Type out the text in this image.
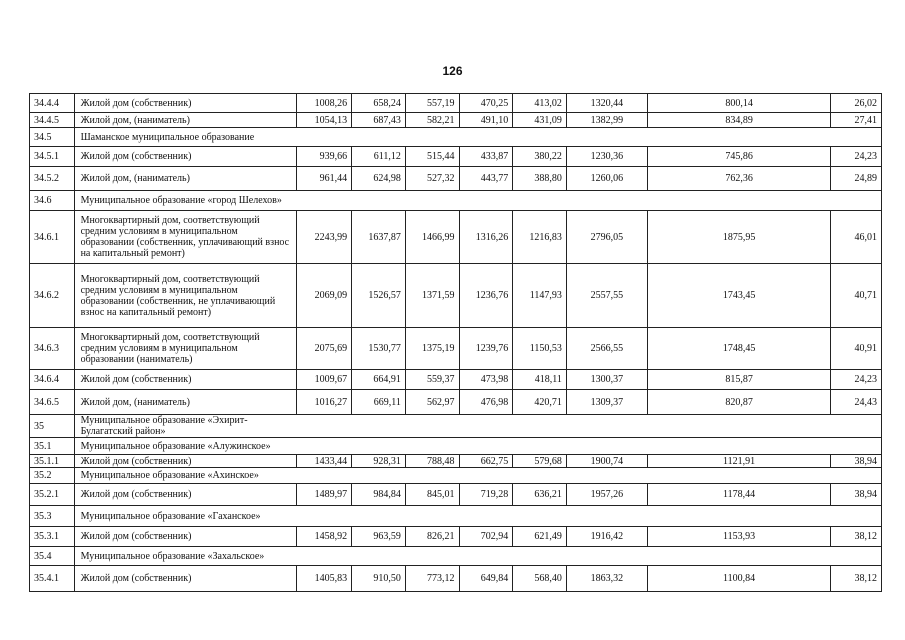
126
34.4.4	Жилой дом (собственник)	1008,26	658,24	557,19	470,25	413,02	1320,44	800,14	26,02
34.4.5	Жилой дом, (наниматель)	1054,13	687,43	582,21	491,10	431,09	1382,99	834,89	27,41
34.5	Шаманское муниципальное образование								
34.5.1	Жилой дом (собственник)	939,66	611,12	515,44	433,87	380,22	1230,36	745,86	24,23
34.5.2	Жилой дом, (наниматель)	961,44	624,98	527,32	443,77	388,80	1260,06	762,36	24,89
34.6	Муниципальное образование «город Шелехов»								
34.6.1	Многоквартирный дом, соответствующий средним условиям в муниципальном образовании (собственник, уплачивающий взнос на капитальный ремонт)	2243,99	1637,87	1466,99	1316,26	1216,83	2796,05	1875,95	46,01
34.6.2	Многоквартирный дом, соответствующий средним условиям в муниципальном образовании (собственник, не уплачивающий взнос на капитальный ремонт)	2069,09	1526,57	1371,59	1236,76	1147,93	2557,55	1743,45	40,71
34.6.3	Многоквартирный дом, соответствующий средним условиям в муниципальном образовании (наниматель)	2075,69	1530,77	1375,19	1239,76	1150,53	2566,55	1748,45	40,91
34.6.4	Жилой дом (собственник)	1009,67	664,91	559,37	473,98	418,11	1300,37	815,87	24,23
34.6.5	Жилой дом, (наниматель)	1016,27	669,11	562,97	476,98	420,71	1309,37	820,87	24,43
35	Муниципальное образование «Эхирит-Булагатский район»								
35.1	Муниципальное образование «Алужинское»								
35.1.1	Жилой дом (собственник)	1433,44	928,31	788,48	662,75	579,68	1900,74	1121,91	38,94
35.2	Муниципальное образование «Ахинское»								
35.2.1	Жилой дом (собственник)	1489,97	984,84	845,01	719,28	636,21	1957,26	1178,44	38,94
35.3	Муниципальное образование «Гаханское»								
35.3.1	Жилой дом (собственник)	1458,92	963,59	826,21	702,94	621,49	1916,42	1153,93	38,12
35.4	Муниципальное образование «Захальское»								
35.4.1	Жилой дом (собственник)	1405,83	910,50	773,12	649,84	568,40	1863,32	1100,84	38,12
